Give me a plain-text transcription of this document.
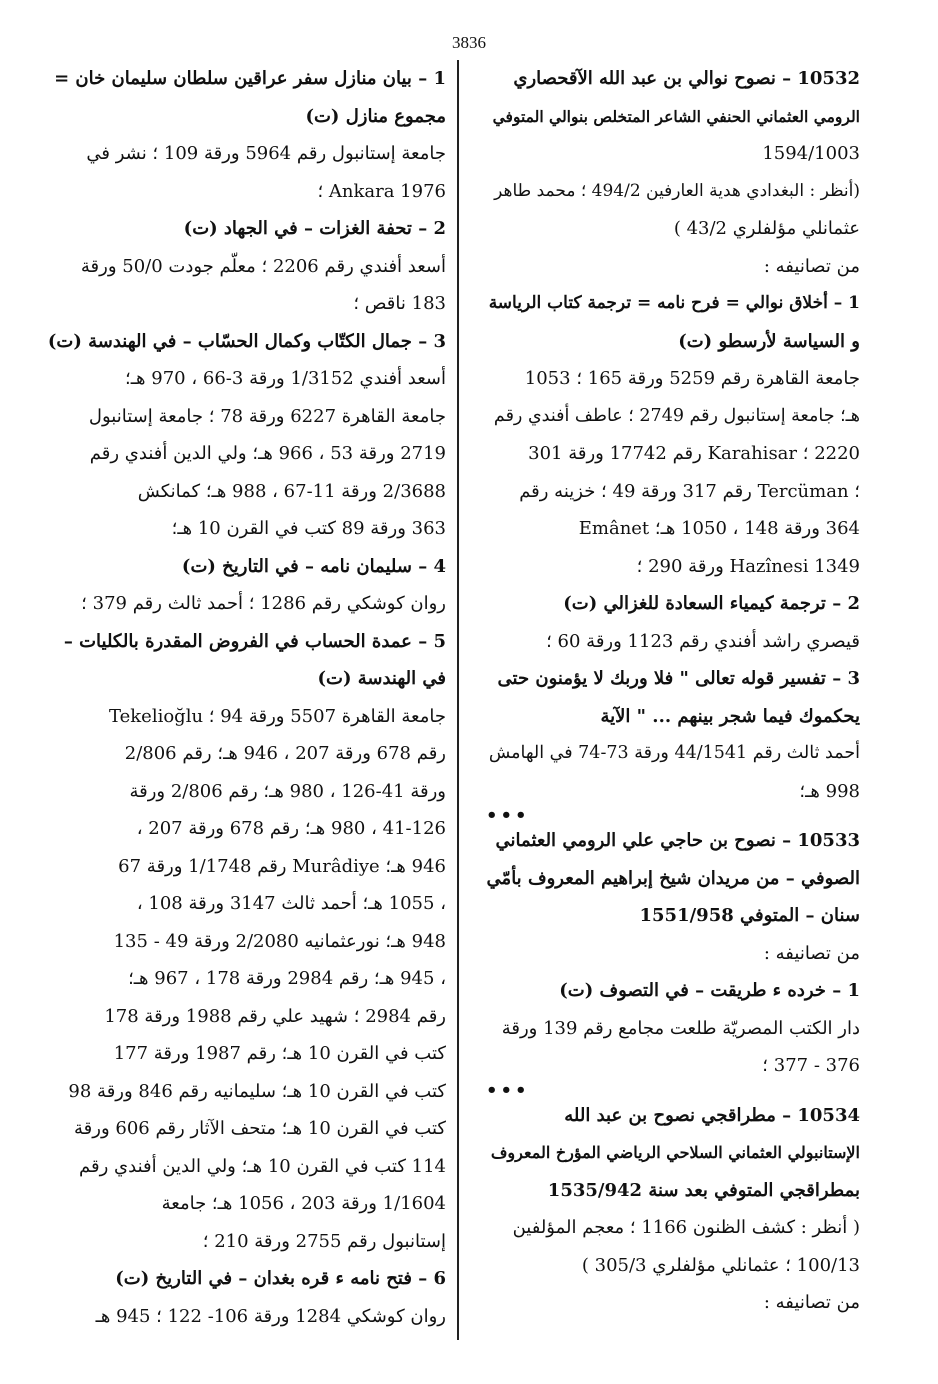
3836
10532 – نصوح نوالي بن عبد الله الآقحصاري
الرومي العثماني الحنفي الشاعر المتخلص بنوالي المتوفي
1594/1003
(أنظر : البغدادي هدية العارفين 494/2 ؛ محمد طاهر
عثمانلي مؤلفلري 43/2 )
من تصانيفه :
1 – أخلاق نوالي = فرح نامه = ترجمة كتاب الرياسة
و السياسة لأرسطو (ت)
جامعة القاهرة رقم 5259 ورقة 165 ؛ 1053
هـ؛ جامعة إستانبول رقم 2749 ؛ عاطف أفندي رقم
2220 ؛ Karahisar رقم 17742 ورقة 301
؛ Tercüman رقم 317 ورقة 49 ؛ خزينه رقم
364 ورقة 148 ، 1050 هـ؛ Emânet
Hazînesi 1349 ورقة 290 ؛
2 – ترجمة كيمياء السعادة للغزالي (ت)
قيصري راشد أفندي رقم 1123 ورقة 60 ؛
3 – تفسير قوله تعالى " فلا وربك لا يؤمنون حتى
يحكموك فيما شجر بينهم ... " الآية
أحمد ثالث رقم 44/1541 ورقة 73-74 في الهامش
998 هـ؛
•••
10533 – نصوح بن حاجي علي الرومي العثماني
الصوفي – من مريدان شيخ إبراهيم المعروف بأمّي
سنان – المتوفي 1551/958
من تصانيفه :
1 – خرده ء طريقت – في التصوف (ت)
دار الكتب المصريّة طلعت مجامع رقم 139 ورقة
376 - 377 ؛
•••
10534 – مطراقجي نصوح بن عبد الله
الإستانبولي العثماني السلاحي الرياضي المؤرخ المعروف
بمطراقجي المتوفي بعد سنة 1535/942
( أنظر : كشف الظنون 1166 ؛ معجم المؤلفين
100/13 ؛ عثمانلي مؤلفلري 305/3 )
من تصانيفه :
1 – بيان منازل سفر عراقين سلطان سليمان خان =
مجموع منازل (ت)
جامعة إستانبول رقم 5964 ورقة 109 ؛ نشر في
Ankara 1976 ؛
2 – تحفة الغزات – في الجهاد (ت)
أسعد أفندي رقم 2206 ؛ معلّم جودت 50/0 ورقة
183 ناقص ؛
3 – جمال الكتّاب وكمال الحسّاب – في الهندسة (ت)
أسعد أفندي 1/3152 ورقة 3-66 ، 970 هـ؛
جامعة القاهرة 6227 ورقة 78 ؛ جامعة إستانبول
2719 ورقة 53 ، 966 هـ؛ ولي الدين أفندي رقم
2/3688 ورقة 11-67 ، 988 هـ؛ كمانكش
363 ورقة 89 كتب في القرن 10 هـ؛
4 – سليمان نامه – في التاريخ (ت)
روان كوشكي رقم 1286 ؛ أحمد ثالث رقم 379 ؛
5 – عمدة الحساب في الفروض المقدرة بالكليات –
في الهندسة (ت)
جامعة القاهرة 5507 ورقة 94 ؛ Tekelioğlu
رقم 678 ورقة 207 ، 946 هـ؛ رقم 2/806
ورقة 41-126 ، 980 هـ؛ رقم 2/806 ورقة
41-126 ، 980 هـ؛ رقم 678 ورقة 207 ،
946 هـ؛ Murâdiye رقم 1/1748 ورقة 67
، 1055 هـ؛ أحمد ثالث 3147 ورقة 108 ،
948 هـ؛ نورعثمانيه 2/2080 ورقة 49 - 135
، 945 هـ؛ رقم 2984 ورقة 178 ، 967 هـ؛
رقم 2984 ؛ شهيد علي رقم 1988 ورقة 178
كتب في القرن 10 هـ؛ رقم 1987 ورقة 177
كتب في القرن 10 هـ؛ سليمانيه رقم 846 ورقة 98
كتب في القرن 10 هـ؛ متحف الآثار رقم 606 ورقة
114 كتب في القرن 10 هـ؛ ولي الدين أفندي رقم
1/1604 ورقة 203 ، 1056 هـ؛ جامعة
إستانبول رقم 2755 ورقة 210 ؛
6 – فتح نامه ء قره بغدان – في التاريخ (ت)
روان كوشكي 1284 ورقة 106- 122 ؛ 945 هـ
